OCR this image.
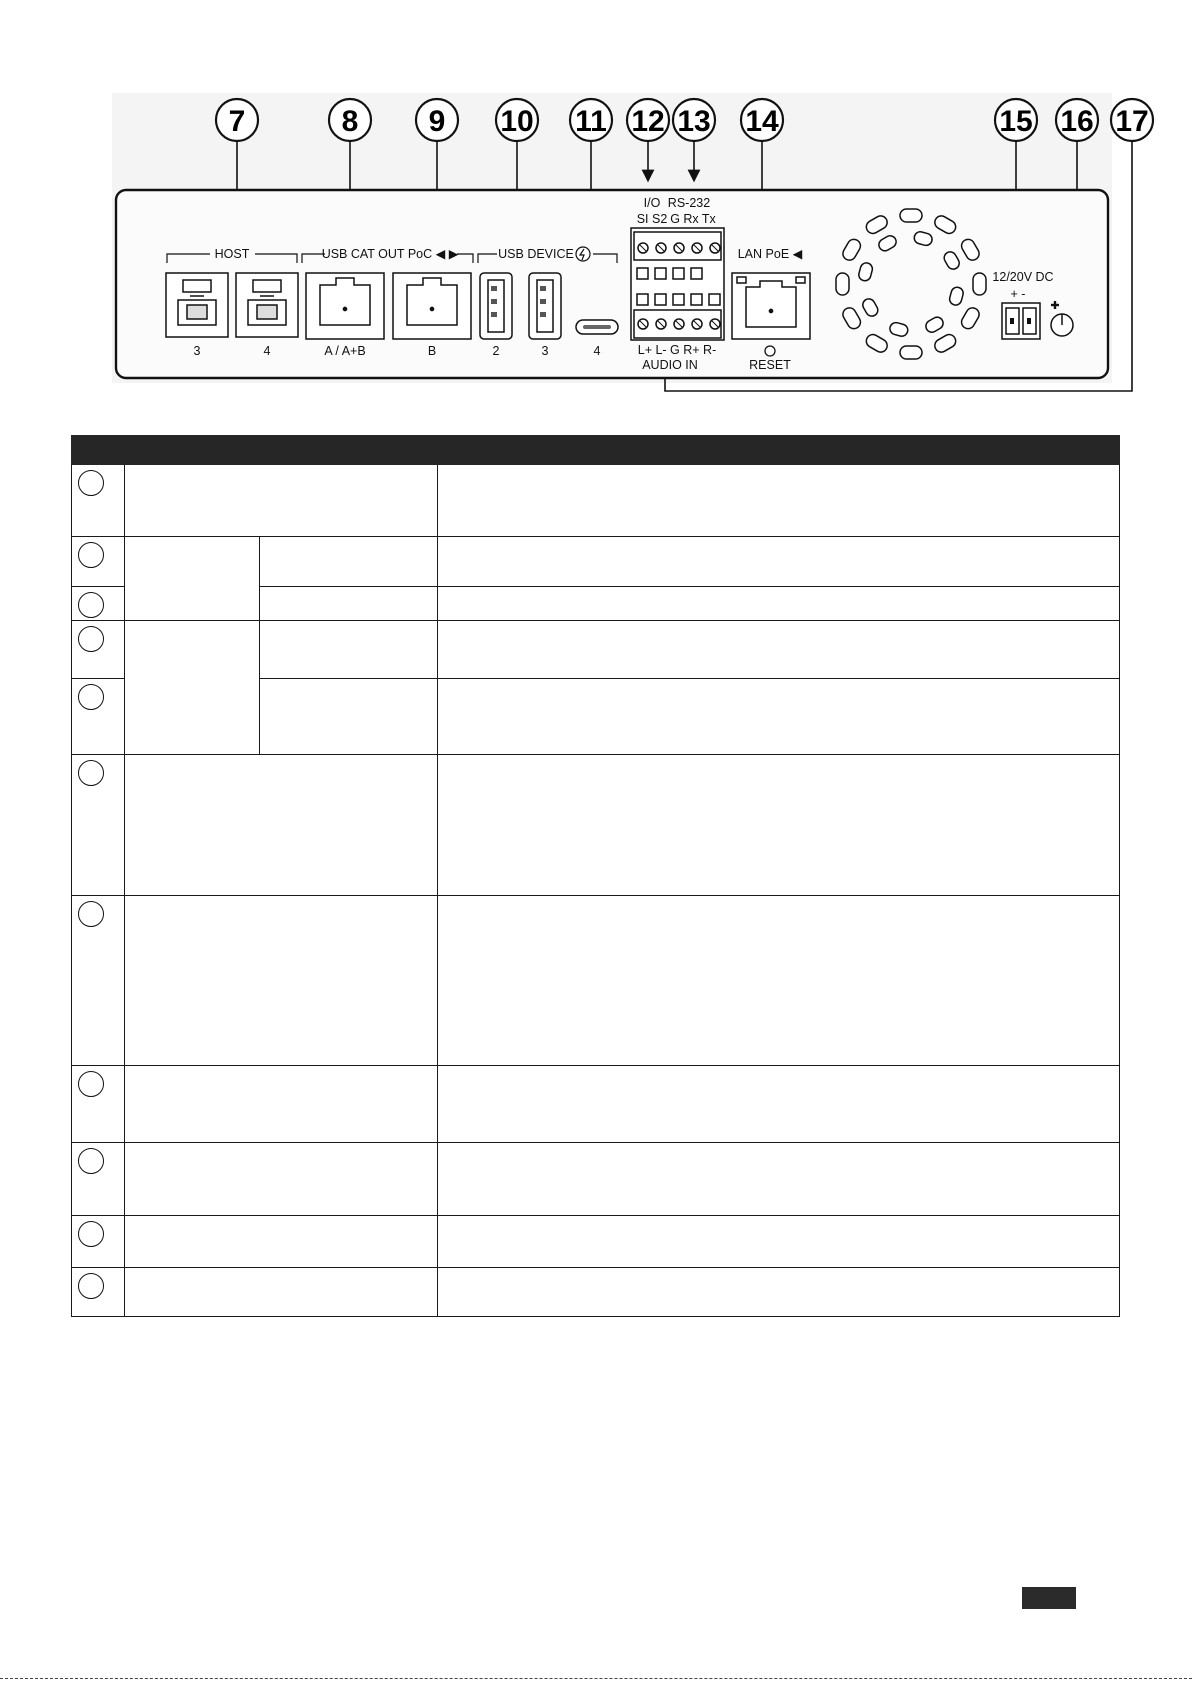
7	8 9 10 11 12 13 14	15 16 17
HOST
3	4
USB CAT OUT PoC ◀ ▶
A / A+B	B
USB DEVICE
2	3	4
I/O RS-232
SI S2 G Rx Tx
L+ L- G R+ R-
AUDIO IN
LAN PoE ◀
RESET
12/20V DC
+ -
